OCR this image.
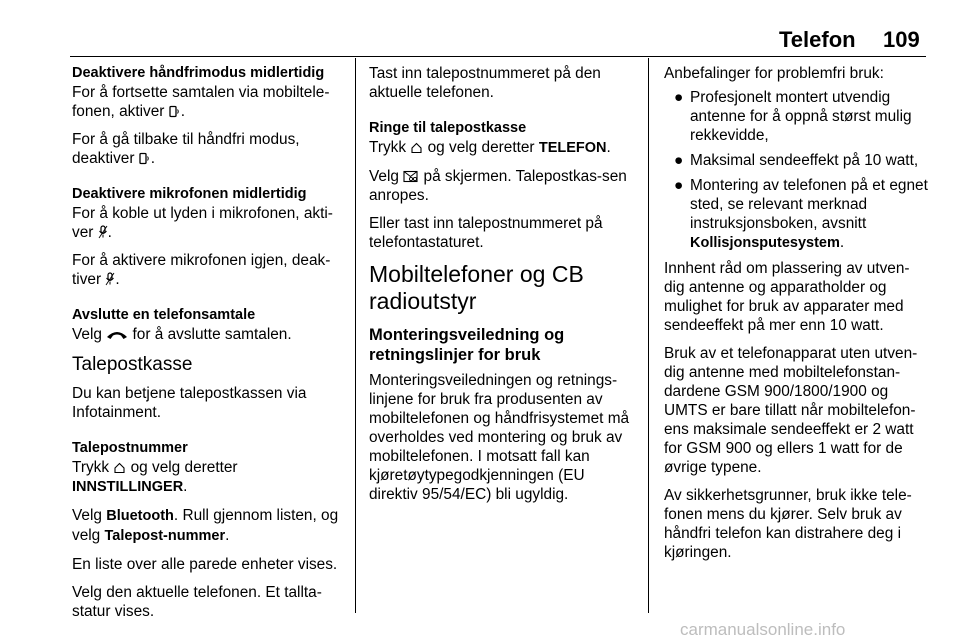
Telefon 109
Deaktivere håndfrimodus midlertidig

For å fortsette samtalen via mobiltele-fonen, aktiver .

For å gå tilbake til håndfri modus, deaktiver .

Deaktivere mikrofonen midlertidig

For å koble ut lyden i mikrofonen, akti-ver .

For å aktivere mikrofonen igjen, deak-tiver .

Avslutte en telefonsamtale

Velg for å avslutte samtalen.

Talepostkasse

Du kan betjene talepostkassen via Infotainment.

Talepostnummer

Trykk og velg deretter
INNSTILLINGER.

Velg Bluetooth. Rull gjennom listen, og velg Talepost-nummer.

En liste over alle parede enheter vises.

Velg den aktuelle telefonen. Et tallta-statur vises.

Tast inn talepostnummeret på den aktuelle telefonen.

Ringe til talepostkasse

Trykk og velg deretter TELEFON.

Velg på skjermen. Talepostkas-sen anropes.

Eller tast inn talepostnummeret på telefontastaturet.

Mobiltelefoner og CB radioutstyr
Monteringsveiledning og retningslinjer for bruk

Monteringsveiledningen og retnings-linjene for bruk fra produsenten av mobiltelefonen og håndfrisystemet må overholdes ved montering og bruk av mobiltelefonen. I motsatt fall kan kjøretøytypegodkjenningen (EU direktiv 95/54/EC) bli ugyldig.

Anbefalinger for problemfri bruk:

● Profesjonelt montert utvendig antenne for å oppnå størst mulig rekkevidde,
● Maksimal sendeeffekt på 10 watt,
● Montering av telefonen på et egnet sted, se relevant merknad instruksjonsboken, avsnitt Kollisjonsputesystem.

Innhent råd om plassering av utven-dig antenne og apparatholder og mulighet for bruk av apparater med sendeeffekt på mer enn 10 watt.

Bruk av et telefonapparat uten utven-dig antenne med mobiltelefonstan-dardene GSM 900/1800/1900 og UMTS er bare tillatt når mobiltelefon-ens maksimale sendeeffekt er 2 watt for GSM 900 og ellers 1 watt for de øvrige typene.

Av sikkerhetsgrunner, bruk ikke tele-fonen mens du kjører. Selv bruk av håndfri telefon kan distrahere deg i kjøringen.

carmanualsonline.info
